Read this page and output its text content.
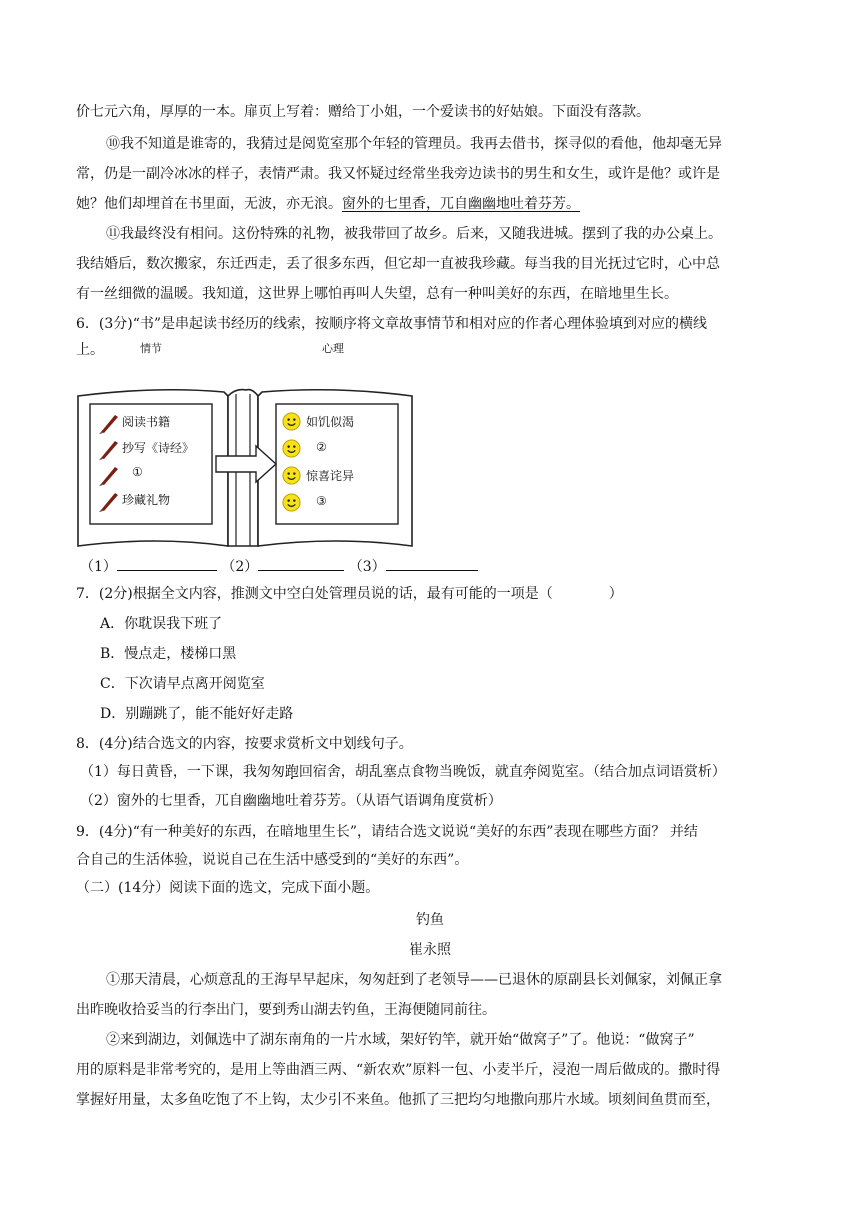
价七元六角，厚厚的一本。扉页上写着：赠给丁小姐，一个爱读书的好姑娘。下面没有落款。
⑩我不知道是谁寄的，我猜过是阅览室那个年轻的管理员。我再去借书，探寻似的看他，他却毫无异
常，仍是一副冷冰冰的样子，表情严肃。我又怀疑过经常坐我旁边读书的男生和女生，或许是他？或许是
她？他们却埋首在书里面，无波，亦无浪。窗外的七里香，兀自幽幽地吐着芬芳。
⑪我最终没有相问。这份特殊的礼物，被我带回了故乡。后来，又随我进城。摆到了我的办公桌上。
我结婚后，数次搬家，东迁西走，丢了很多东西，但它却一直被我珍藏。每当我的目光抚过它时，心中总
有一丝细微的温暖。我知道，这世界上哪怕再叫人失望，总有一种叫美好的东西，在暗地里生长。
6．(3分)“书”是串起读书经历的线索，按顺序将文章故事情节和相对应的作者心理体验填到对应的横线
上。	情节	心理
阅读书籍
抄写《诗经》
①
珍藏礼物
如饥似渴
②
惊喜诧异
③
（1）	（2）	（3）
7．(2分)根据全文内容，推测文中空白处管理员说的话，最有可能的一项是（	）
A．你耽误我下班了
B．慢点走，楼梯口黑
C．下次请早点离开阅览室
D．别蹦跳了，能不能好好走路
8．(4分)结合选文的内容，按要求赏析文中划线句子。
（1）每日黄昏，一下课，我匆匆跑回宿舍，胡乱塞点食物当晚饭，就直奔阅览室。（结合加点词语赏析）
（2）窗外的七里香，兀自幽幽地吐着芬芳。（从语气语调角度赏析）
9．(4分)“有一种美好的东西，在暗地里生长”，请结合选文说说“美好的东西”表现在哪些方面？ 并结
合自己的生活体验，说说自己在生活中感受到的“美好的东西”。
（二）(14分）阅读下面的选文，完成下面小题。
钓鱼
崔永照
①那天清晨，心烦意乱的王海早早起床，匆匆赶到了老领导——已退休的原副县长刘佩家，刘佩正拿
出昨晚收拾妥当的行李出门，要到秀山湖去钓鱼，王海便随同前往。
②来到湖边，刘佩选中了湖东南角的一片水域，架好钓竿，就开始“做窝子”了。他说：“做窝子”
用的原料是非常考究的，是用上等曲酒三两、“新农欢”原料一包、小麦半斤，浸泡一周后做成的。撒时得
掌握好用量，太多鱼吃饱了不上钩，太少引不来鱼。他抓了三把均匀地撒向那片水域。顷刻间鱼贯而至，
